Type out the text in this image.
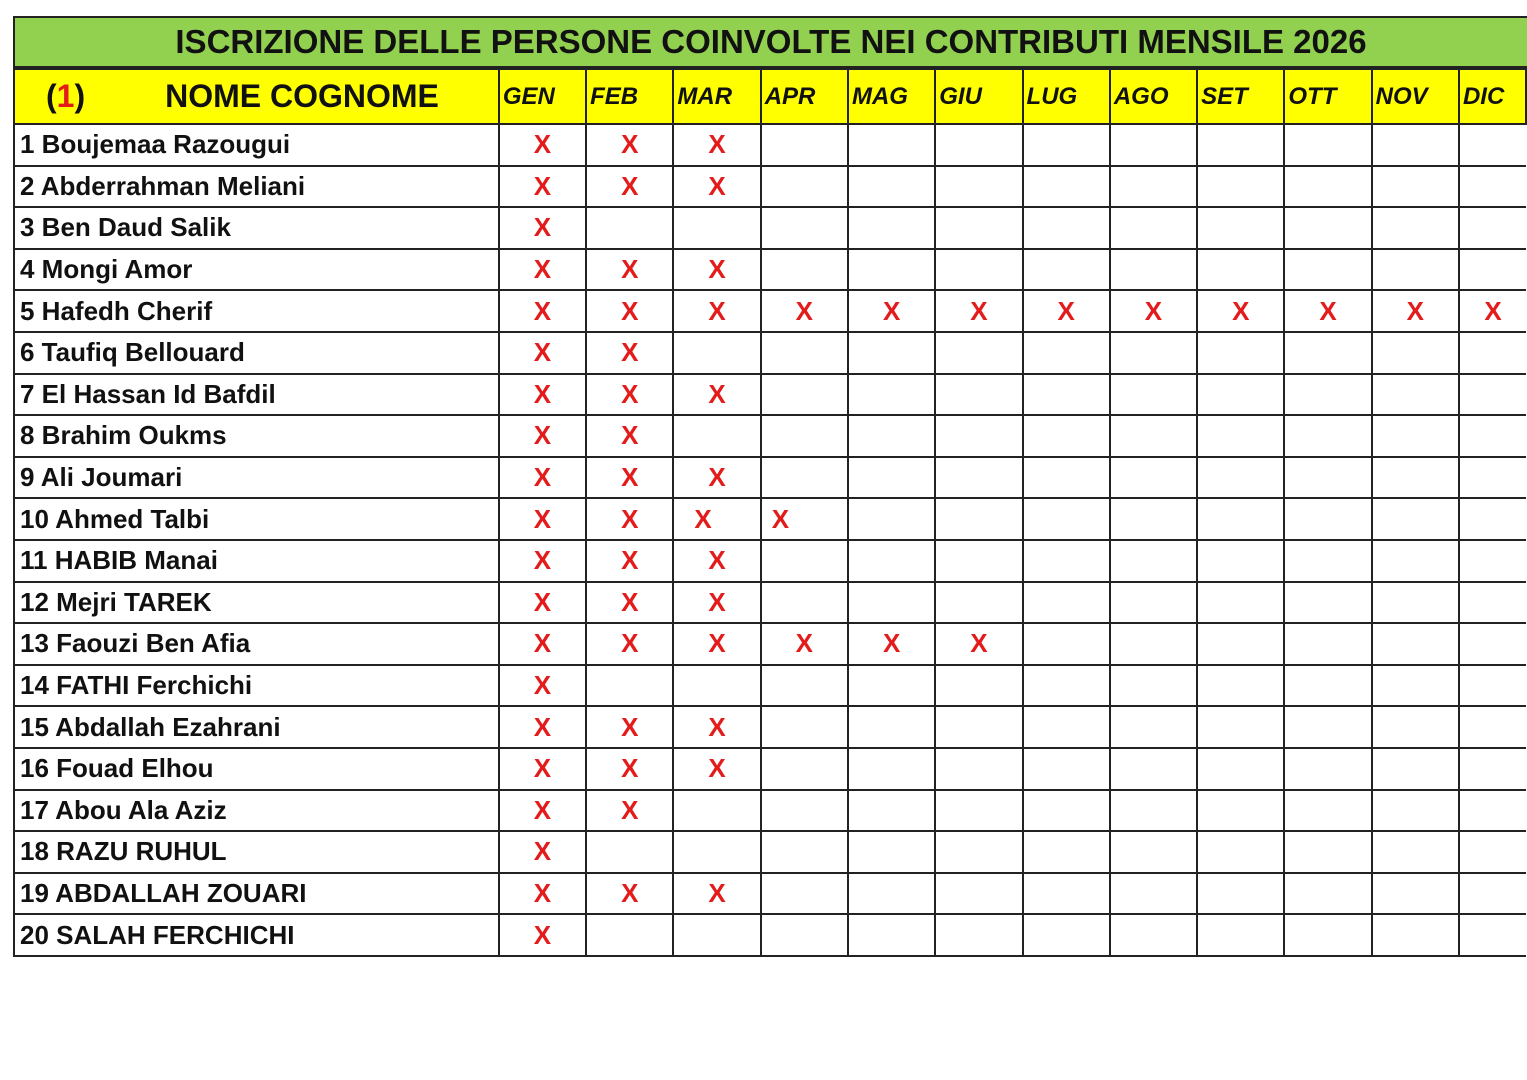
ISCRIZIONE DELLE PERSONE COINVOLTE NEI CONTRIBUTI MENSILE 2026
(1) NOME COGNOME	GEN	FEB	MAR	APR	MAG	GIU	LUG	AGO	SET	OTT	NOV	DIC
1 Boujemaa Razougui	X	X	X									
2 Abderrahman Meliani	X	X	X									
3 Ben Daud Salik	X											
4 Mongi Amor	X	X	X									
5 Hafedh Cherif	X	X	X	X	X	X	X	X	X	X	X	X
6 Taufiq Bellouard	X	X										
7 El Hassan Id Bafdil	X	X	X									
8 Brahim Oukms	X	X										
9 Ali Joumari	X	X	X									
10 Ahmed Talbi	X	X	X	X								
11 HABIB Manai	X	X	X									
12 Mejri TAREK	X	X	X									
13 Faouzi Ben Afia	X	X	X	X	X	X						
14 FATHI Ferchichi	X											
15 Abdallah Ezahrani	X	X	X									
16 Fouad Elhou	X	X	X									
17 Abou Ala Aziz	X	X										
18 RAZU RUHUL	X											
19 ABDALLAH ZOUARI	X	X	X									
20 SALAH FERCHICHI	X											
